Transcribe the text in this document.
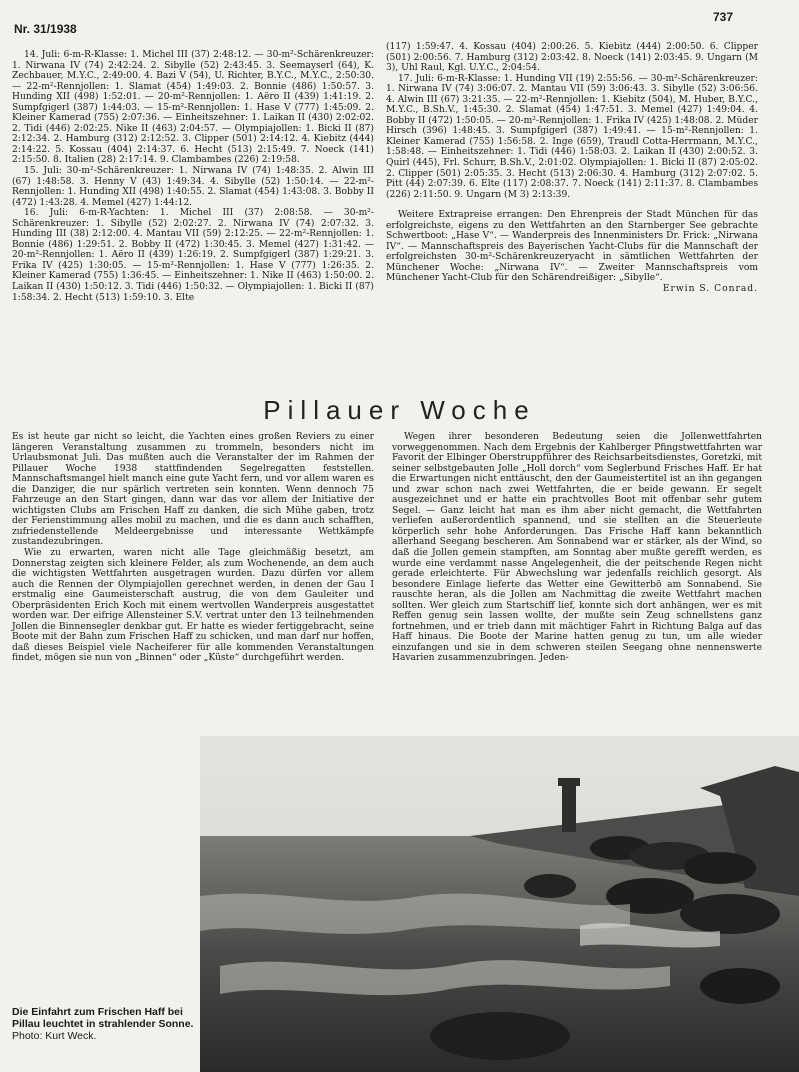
Nr. 31/1938
737

14. Juli: 6-m-R-Klasse: 1. Michel III (37) 2:48:12. — 30-m²-Schärenkreuzer: 1. Nirwana IV (74) 2:42:24. 2. Sibylle (52) 2:43:45. 3. Seemayserl (64), K. Zechbauer, M.Y.C., 2:49:00. 4. Bazi V (54), U. Richter, B.Y.C., M.Y.C., 2:50:30. — 22-m²-Rennjollen: 1. Slamat (454) 1:49:03. 2. Bonnie (486) 1:50:57. 3. Hunding XII (498) 1:52:01. — 20-m²-Rennjollen: 1. Aëro II (439) 1:41:19. 2. Sumpfgigerl (387) 1:44:03. — 15-m²-Rennjollen: 1. Hase V (777) 1:45:09. 2. Kleiner Kamerad (755) 2:07:36. — Einheitszehner: 1. Laikan II (430) 2:02:02. 2. Tidi (446) 2:02:25. Nike II (463) 2:04:57. — Olympiajollen: 1. Bicki II (87) 2:12:34. 2. Hamburg (312) 2:12:52. 3. Clipper (501) 2:14:12. 4. Kiebitz (444) 2:14:22. 5. Kossau (404) 2:14:37. 6. Hecht (513) 2:15:49. 7. Noeck (141) 2:15:50. 8. Italien (28) 2:17:14. 9. Clambambes (226) 2:19:58.

15. Juli: 30-m²-Schärenkreuzer: 1. Nirwana IV (74) 1:48:35. 2. Alwin III (67) 1:48:58. 3. Henny V (43) 1:49:34. 4. Sibylle (52) 1:50:14. — 22-m²-Rennjollen: 1. Hunding XII (498) 1:40:55. 2. Slamat (454) 1:43:08. 3. Bobby II (472) 1:43:28. 4. Memel (427) 1:44:12.

16. Juli: 6-m-R-Yachten: 1. Michel III (37) 2:08:58. — 30-m²-Schärenkreuzer: 1. Sibylle (52) 2:02:27. 2. Nirwana IV (74) 2:07:32. 3. Hunding III (38) 2:12:00. 4. Mantau VII (59) 2:12:25. — 22-m²-Rennjollen: 1. Bonnie (486) 1:29:51. 2. Bobby II (472) 1:30:45. 3. Memel (427) 1:31:42. — 20-m²-Rennjollen: 1. Aëro II (439) 1:26:19. 2. Sumpfgigerl (387) 1:29:21. 3. Frika IV (425) 1:30:05. — 15-m²-Rennjollen: 1. Hase V (777) 1:26:35. 2. Kleiner Kamerad (755) 1:36:45. — Einheitszehner: 1. Nike II (463) 1:50:00. 2. Laikan II (430) 1:50:12. 3. Tidi (446) 1:50:32. — Olympiajollen: 1. Bicki II (87) 1:58:34. 2. Hecht (513) 1:59:10. 3. Elte

(117) 1:59:47. 4. Kossau (404) 2:00:26. 5. Kiebitz (444) 2:00:50. 6. Clipper (501) 2:00:56. 7. Hamburg (312) 2:03:42. 8. Noeck (141) 2:03:45. 9. Ungarn (M 3), Uhl Raul, Kgl. U.Y.C., 2:04:54.

17. Juli: 6-m-R-Klasse: 1. Hunding VII (19) 2:55:56. — 30-m²-Schärenkreuzer: 1. Nirwana IV (74) 3:06:07. 2. Mantau VII (59) 3:06:43. 3. Sibylle (52) 3:06:56. 4. Alwin III (67) 3:21:35. — 22-m²-Rennjollen: 1. Kiebitz (504), M. Huber, B.Y.C., M.Y.C., B.Sh.V., 1:45:30. 2. Slamat (454) 1:47:51. 3. Memel (427) 1:49:04. 4. Bobby II (472) 1:50:05. — 20-m²-Rennjollen: 1. Frika IV (425) 1:48:08. 2. Müder Hirsch (396) 1:48:45. 3. Sumpfgigerl (387) 1:49:41. — 15-m²-Rennjollen: 1. Kleiner Kamerad (755) 1:56:58. 2. Inge (659), Traudl Cotta-Herrmann, M.Y.C., 1:58:48. — Einheitszehner: 1. Tidi (446) 1:58:03. 2. Laikan II (430) 2:00:52. 3. Quirl (445), Frl. Schurr, B.Sh.V., 2:01:02. Olympiajollen: 1. Bicki II (87) 2:05:02. 2. Clipper (501) 2:05:35. 3. Hecht (513) 2:06:30. 4. Hamburg (312) 2:07:02. 5. Pitt (44) 2:07:39. 6. Elte (117) 2:08:37. 7. Noeck (141) 2:11:37. 8. Clambambes (226) 2:11:50. 9. Ungarn (M 3) 2:13:39.

Weitere Extrapreise errangen: Den Ehrenpreis der Stadt München für das erfolgreichste, eigens zu den Wettfahrten an den Starnberger See gebrachte Schwertboot: „Hase V“. — Wanderpreis des Innenministers Dr. Frick: „Nirwana IV“. — Mannschaftspreis des Bayerischen Yacht-Clubs für die Mannschaft der erfolgreichsten 30-m²-Schärenkreuzeryacht in sämtlichen Wettfahrten der Münchener Woche: „Nirwana IV“. — Zweiter Mannschaftspreis vom Münchener Yacht-Club für den Schärendreißiger: „Sibylle“.

Erwin S. Conrad.

Pillauer Woche

Es ist heute gar nicht so leicht, die Yachten eines großen Reviers zu einer längeren Veranstaltung zusammen zu trommeln, besonders nicht im Urlaubsmonat Juli. Das mußten auch die Veranstalter der im Rahmen der Pillauer Woche 1938 stattfindenden Segelregatten feststellen. Mannschaftsmangel hielt manch eine gute Yacht fern, und vor allem waren es die Danziger, die nur spärlich vertreten sein konnten. Wenn dennoch 75 Fahrzeuge an den Start gingen, dann war das vor allem der Initiative der wichtigsten Clubs am Frischen Haff zu danken, die sich Mühe gaben, trotz der Ferienstimmung alles mobil zu machen, und die es dann auch schafften, zufriedenstellende Meldeergebnisse und interessante Wettkämpfe zustandezubringen.

Wie zu erwarten, waren nicht alle Tage gleichmäßig besetzt, am Donnerstag zeigten sich kleinere Felder, als zum Wochenende, an dem auch die wichtigsten Wettfahrten ausgetragen wurden. Dazu dürfen vor allem auch die Rennen der Olympiajollen gerechnet werden, in denen der Gau I erstmalig eine Gaumeisterschaft austrug, die von dem Gauleiter und Oberpräsidenten Erich Koch mit einem wertvollen Wanderpreis ausgestattet worden war. Der eifrige Allensteiner S.V. vertrat unter den 13 teilnehmenden Jollen die Binnensegler denkbar gut. Er hatte es wieder fertiggebracht, seine Boote mit der Bahn zum Frischen Haff zu schicken, und man darf nur hoffen, daß dieses Beispiel viele Nacheiferer für alle kommenden Veranstaltungen findet, mögen sie nun von „Binnen“ oder „Küste“ durchgeführt werden.

Wegen ihrer besonderen Bedeutung seien die Jollenwettfahrten vorweggenommen. Nach dem Ergebnis der Kahlberger Pfingstwettfahrten war Favorit der Elbinger Oberstruppführer des Reichsarbeitsdienstes, Goretzki, mit seiner selbstgebauten Jolle „Holl dorch“ vom Seglerbund Frisches Haff. Er hat die Erwartungen nicht enttäuscht, den der Gaumeistertitel ist an ihn gegangen und zwar schon nach zwei Wettfahrten, die er beide gewann. Er segelt ausgezeichnet und er hatte ein prachtvolles Boot mit offenbar sehr gutem Segel. — Ganz leicht hat man es ihm aber nicht gemacht, die Wettfahrten verliefen außerordentlich spannend, und sie stellten an die Steuerleute körperlich sehr hohe Anforderungen. Das Frische Haff kann bekanntlich allerhand Seegang bescheren. Am Sonnabend war er stärker, als der Wind, so daß die Jollen gemein stampften, am Sonntag aber mußte gerefft werden, es wurde eine verdammt nasse Angelegenheit, die der peitschende Regen nicht gerade erleichterte. Für Abwechslung war jedenfalls reichlich gesorgt. Als besondere Einlage lieferte das Wetter eine Gewitterbö am Sonnabend. Sie rauschte heran, als die Jollen am Nachmittag die zweite Wettfahrt machen sollten. Wer gleich zum Startschiff lief, konnte sich dort anhängen, wer es mit Reffen genug sein lassen wollte, der mußte sein Zeug schnellstens ganz fortnehmen, und er trieb dann mit mächtiger Fahrt in Richtung Balga auf das Haff hinaus. Die Boote der Marine hatten genug zu tun, um alle wieder einzufangen und sie in dem schweren steilen Seegang ohne nennenswerte Havarien zusammenzubringen. Jeden-

Die Einfahrt zum Frischen Haff bei Pillau leuchtet in strahlender Sonne. Photo: Kurt Weck.
